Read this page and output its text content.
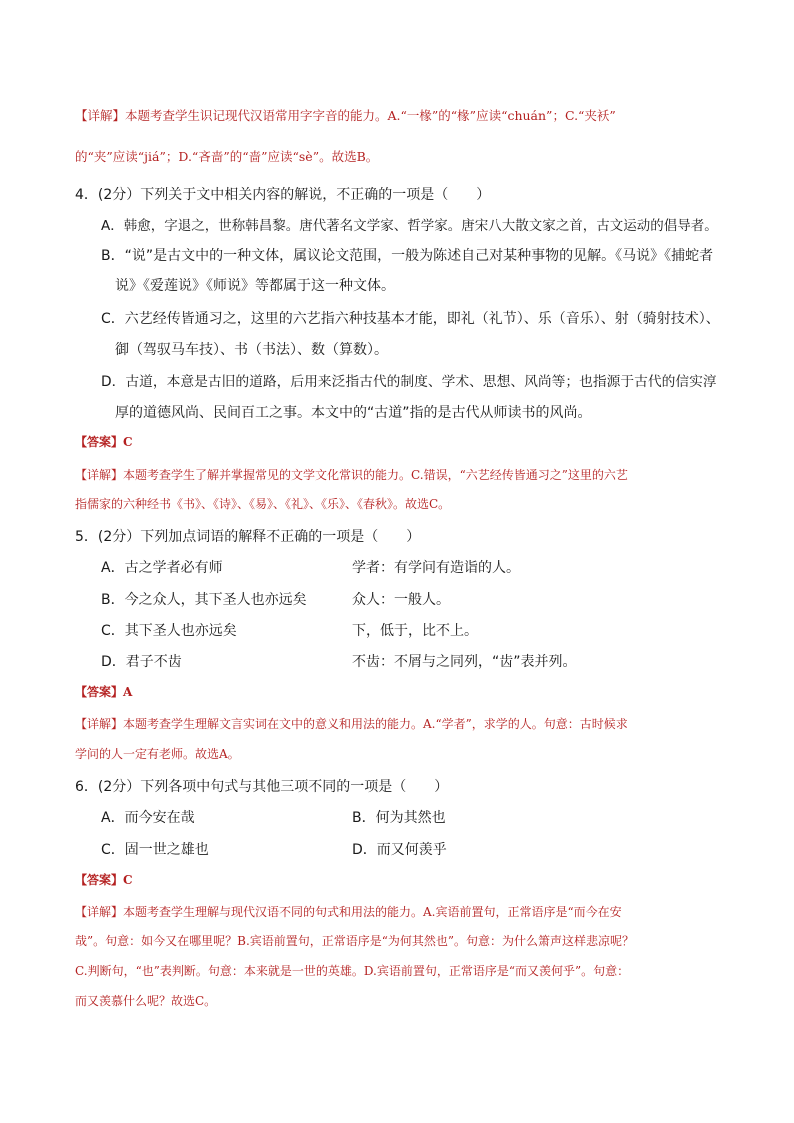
【详解】本题考查学生识记现代汉语常用字字音的能力。A.“一椽”的“椽”应读“chuán”；C.“夹袄”
的“夹”应读“jiá”；D.“吝啬”的“啬”应读“sè”。故选B。
4．(2分）下列关于文中相关内容的解说，不正确的一项是（　　）
A．韩愈，字退之，世称韩昌黎。唐代著名文学家、哲学家。唐宋八大散文家之首，古文运动的倡导者。
B．“说”是古文中的一种文体，属议论文范围，一般为陈述自己对某种事物的见解。《马说》《捕蛇者
说》《爱莲说》《师说》等都属于这一种文体。
C．六艺经传皆通习之，这里的六艺指六种技基本才能，即礼（礼节）、乐（音乐）、射（骑射技术）、
御（驾驭马车技）、书（书法）、数（算数）。
D．古道，本意是古旧的道路，后用来泛指古代的制度、学术、思想、风尚等；也指源于古代的信实淳
厚的道德风尚、民间百工之事。本文中的“古道”指的是古代从师读书的风尚。
【答案】C
【详解】本题考查学生了解并掌握常见的文学文化常识的能力。C.错误，“六艺经传皆通习之”这里的六艺
指儒家的六种经书《书》、《诗》、《易》、《礼》、《乐》、《春秋》。故选C。
5．(2分）下列加点词语的解释不正确的一项是（　　）
A．古之学者必有师	学者：有学问有造诣的人。
B．今之众人，其下圣人也亦远矣	众人：一般人。
C．其下圣人也亦远矣	下，低于，比不上。
D．君子不齿	不齿：不屑与之同列，“齿”表并列。
【答案】A
【详解】本题考查学生理解文言实词在文中的意义和用法的能力。A.“学者”，求学的人。句意：古时候求
学问的人一定有老师。故选A。
6．(2分）下列各项中句式与其他三项不同的一项是（　　）
A．而今安在哉	B．何为其然也
C．固一世之雄也	D．而又何羡乎
【答案】C
【详解】本题考查学生理解与现代汉语不同的句式和用法的能力。A.宾语前置句，正常语序是“而今在安
哉”。句意：如今又在哪里呢？B.宾语前置句，正常语序是“为何其然也”。句意：为什么箫声这样悲凉呢？
C.判断句，“也”表判断。句意：本来就是一世的英雄。D.宾语前置句，正常语序是“而又羡何乎”。句意：
而又羡慕什么呢？故选C。
